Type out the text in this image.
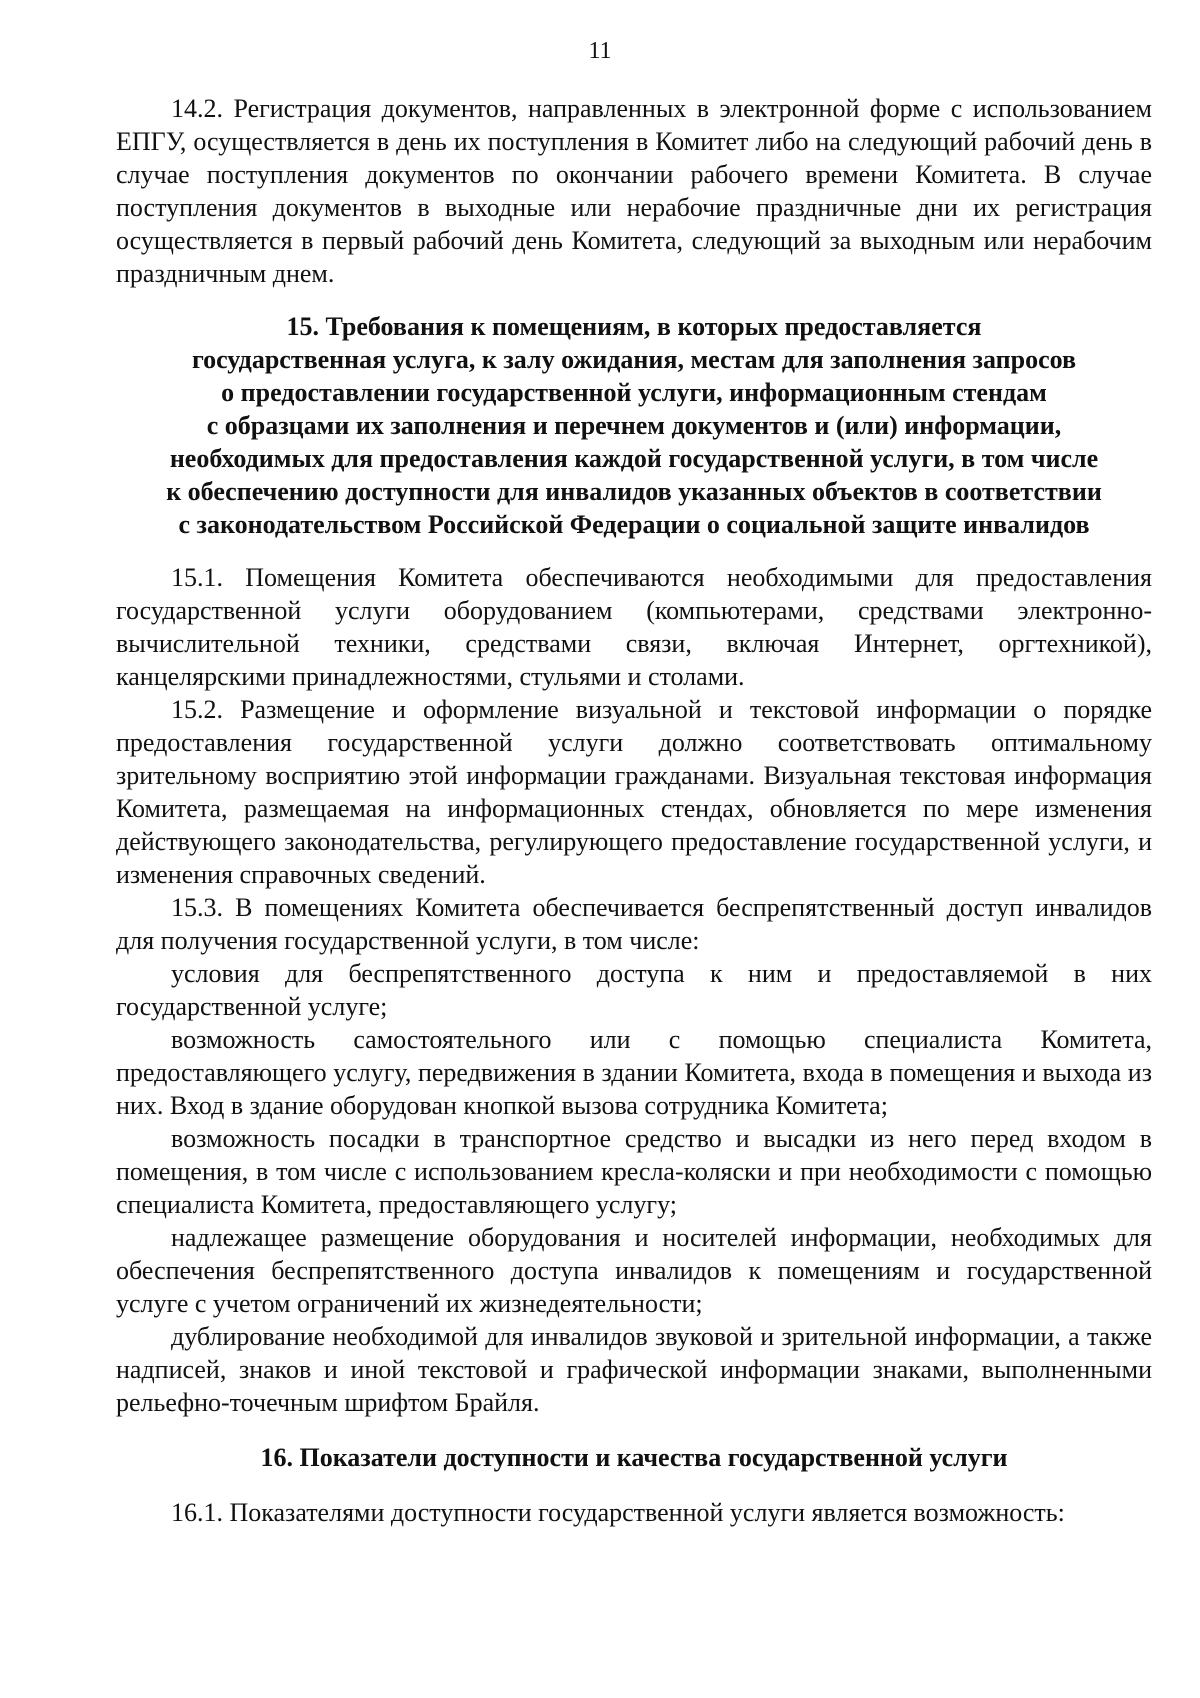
11

14.2. Регистрация документов, направленных в электронной форме с использованием ЕПГУ, осуществляется в день их поступления в Комитет либо на следующий рабочий день в случае поступления документов по окончании рабочего времени Комитета. В случае поступления документов в выходные или нерабочие праздничные дни их регистрация осуществляется в первый рабочий день Комитета, следующий за выходным или нерабочим праздничным днем.

15. Требования к помещениям, в которых предоставляется
государственная услуга, к залу ожидания, местам для заполнения запросов
о предоставлении государственной услуги, информационным стендам
с образцами их заполнения и перечнем документов и (или) информации,
необходимых для предоставления каждой государственной услуги, в том числе
к обеспечению доступности для инвалидов указанных объектов в соответствии
с законодательством Российской Федерации о социальной защите инвалидов

15.1. Помещения Комитета обеспечиваются необходимыми для предоставления государственной услуги оборудованием (компьютерами, средствами электронно-вычислительной техники, средствами связи, включая Интернет, оргтехникой), канцелярскими принадлежностями, стульями и столами.

15.2. Размещение и оформление визуальной и текстовой информации о порядке предоставления государственной услуги должно соответствовать оптимальному зрительному восприятию этой информации гражданами. Визуальная текстовая информация Комитета, размещаемая на информационных стендах, обновляется по мере изменения действующего законодательства, регулирующего предоставление государственной услуги, и изменения справочных сведений.

15.3. В помещениях Комитета обеспечивается беспрепятственный доступ инвалидов для получения государственной услуги, в том числе:

условия для беспрепятственного доступа к ним и предоставляемой в них государственной услуге;

возможность самостоятельного или с помощью специалиста Комитета, предоставляющего услугу, передвижения в здании Комитета, входа в помещения и выхода из них. Вход в здание оборудован кнопкой вызова сотрудника Комитета;

возможность посадки в транспортное средство и высадки из него перед входом в помещения, в том числе с использованием кресла-коляски и при необходимости с помощью специалиста Комитета, предоставляющего услугу;

надлежащее размещение оборудования и носителей информации, необходимых для обеспечения беспрепятственного доступа инвалидов к помещениям и государственной услуге с учетом ограничений их жизнедеятельности;

дублирование необходимой для инвалидов звуковой и зрительной информации, а также надписей, знаков и иной текстовой и графической информации знаками, выполненными рельефно-точечным шрифтом Брайля.

16. Показатели доступности и качества государственной услуги

16.1. Показателями доступности государственной услуги является возможность:
